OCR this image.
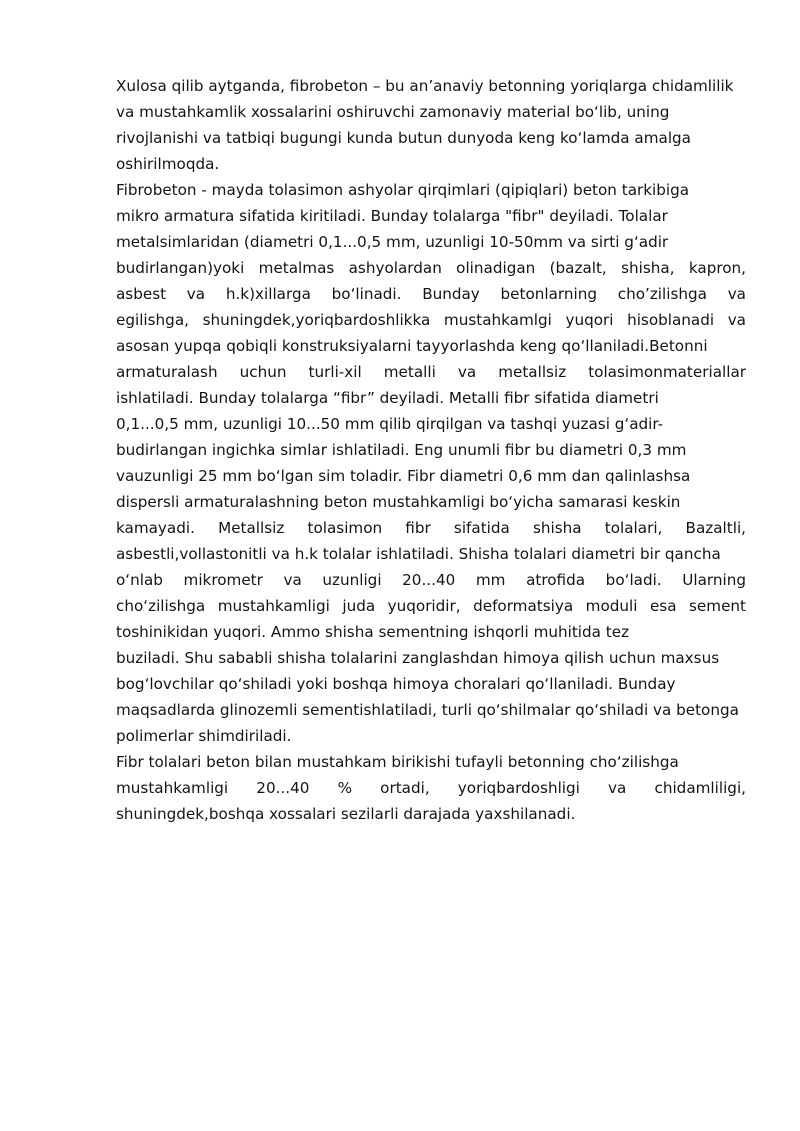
Xulosa qilib aytganda, fibrobeton – bu an’anaviy betonning yoriqlarga chidamlilik
va mustahkamlik xossalarini oshiruvchi zamonaviy material bo‘lib, uning
rivojlanishi va tatbiqi bugungi kunda butun dunyoda keng ko‘lamda amalga
oshirilmoqda.
Fibrobeton - mayda tolasimon ashyolar qirqimlari (qipiqlari) beton tarkibiga
mikro armatura sifatida kiritiladi. Bunday tolalarga "fibr" deyiladi. Tolalar
metalsimlaridan (diametri 0,1...0,5 mm, uzunligi 10-50mm va sirti g‘adir
budirlangan)yoki metalmas ashyolardan olinadigan (bazalt, shisha, kapron,
asbest va h.k)xillarga bo‘linadi. Bunday betonlarning cho’zilishga va
egilishga, shuningdek,yoriqbardoshlikka mustahkamlgi yuqori hisoblanadi va
asosan yupqa qobiqli konstruksiyalarni tayyorlashda keng qo‘llaniladi.Betonni
armaturalash uchun turli-xil metalli va metallsiz tolasimonmateriallar
ishlatiladi. Bunday tolalarga “fibr” deyiladi. Metalli fibr sifatida diametri
0,1...0,5 mm, uzunligi 10...50 mm qilib qirqilgan va tashqi yuzasi g‘adir-
budirlangan ingichka simlar ishlatiladi. Eng unumli fibr bu diametri 0,3 mm
vauzunligi 25 mm bo‘lgan sim toladir. Fibr diametri 0,6 mm dan qalinlashsa
dispersli armaturalashning beton mustahkamligi bo‘yicha samarasi keskin
kamayadi. Metallsiz tolasimon fibr sifatida shisha tolalari, Bazaltli,
asbestli,vollastonitli va h.k tolalar ishlatiladi. Shisha tolalari diametri bir qancha
o‘nlab mikrometr va uzunligi 20...40 mm atrofida bo‘ladi. Ularning
cho‘zilishga mustahkamligi juda yuqoridir, deformatsiya moduli esa sement
toshinikidan yuqori. Ammo shisha sementning ishqorli muhitida tez
buziladi. Shu sababli shisha tolalarini zanglashdan himoya qilish uchun maxsus
bog‘lovchilar qo‘shiladi yoki boshqa himoya choralari qo‘llaniladi. Bunday
maqsadlarda glinozemli sementishlatiladi, turli qo‘shilmalar qo‘shiladi va betonga
polimerlar shimdiriladi.
Fibr tolalari beton bilan mustahkam birikishi tufayli betonning cho‘zilishga
mustahkamligi 20...40 % ortadi, yoriqbardoshligi va chidamliligi,
shuningdek,boshqa xossalari sezilarli darajada yaxshilanadi.
